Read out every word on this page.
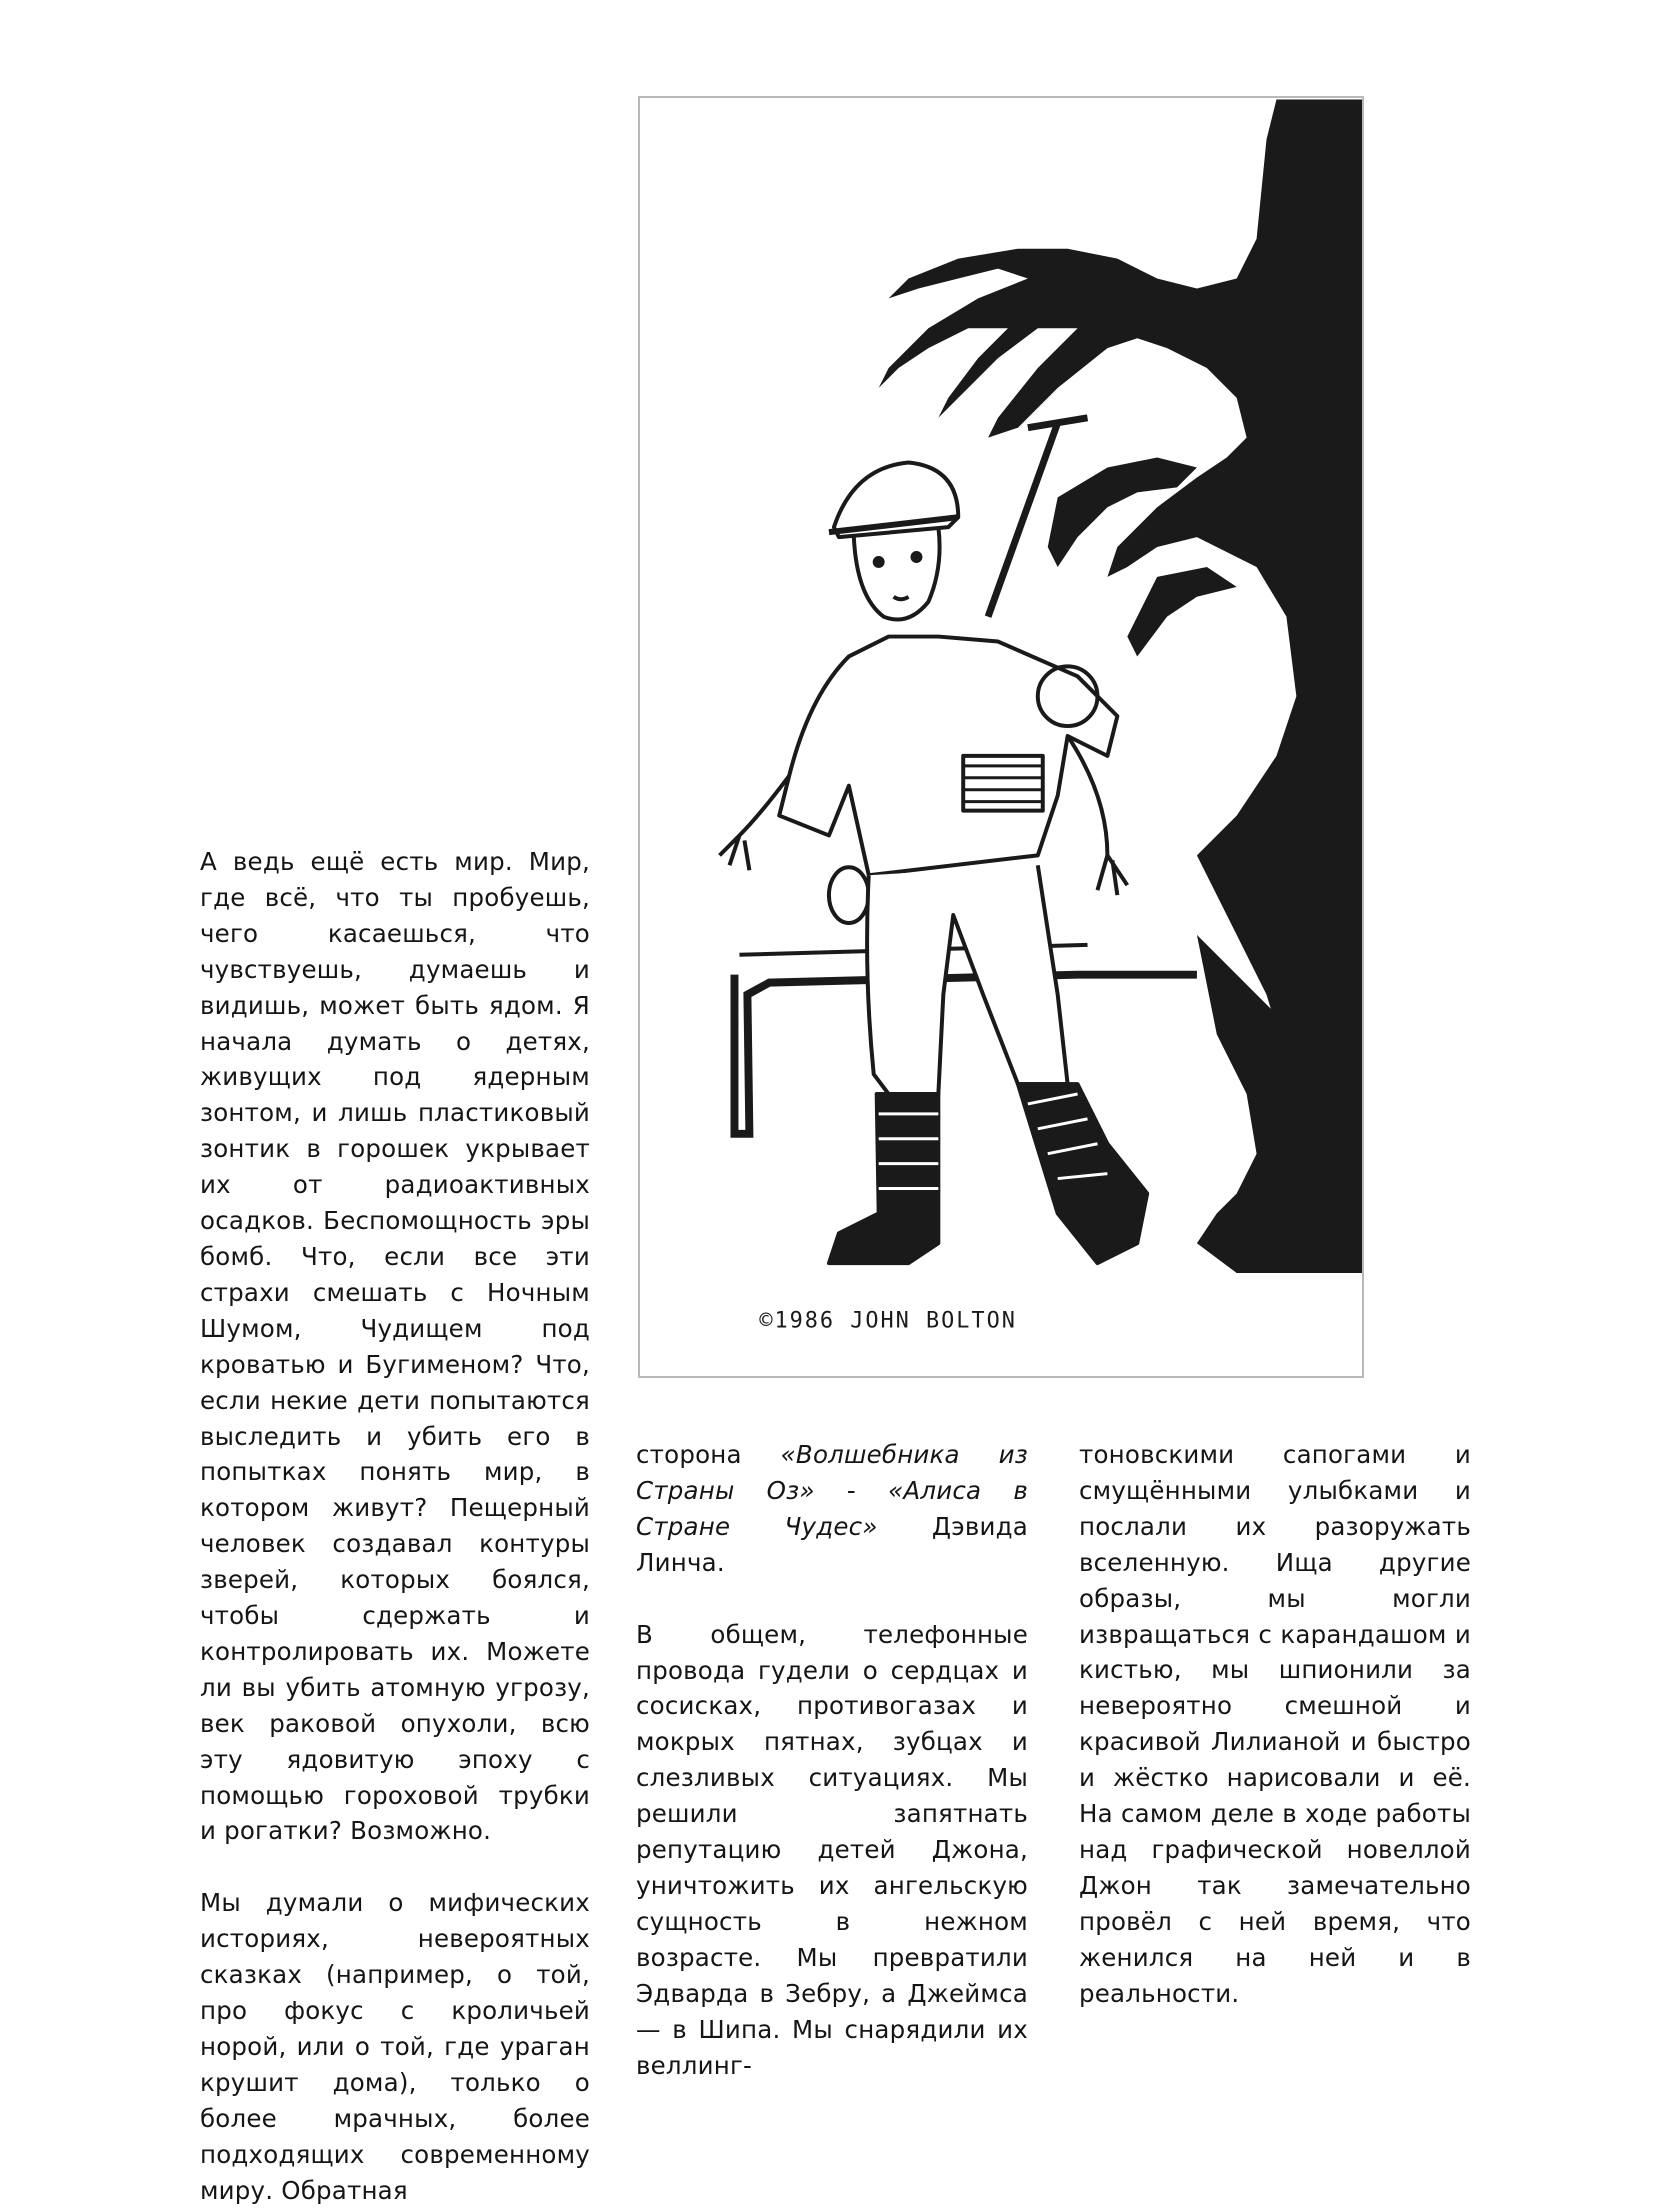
©1986 JOHN BOLTON

А ведь ещё есть мир. Мир, где всё, что ты пробуешь, чего касаешься, что чувствуешь, думаешь и видишь, может быть ядом. Я начала думать о детях, живущих под ядерным зонтом, и лишь пластиковый зонтик в горошек укрывает их от радиоактивных осадков. Беспомощность эры бомб. Что, если все эти страхи смешать с Ночным Шумом, Чудищем под кроватью и Бугименом? Что, если некие дети попытаются выследить и убить его в попытках понять мир, в котором живут? Пещерный человек создавал контуры зверей, которых боялся, чтобы сдержать и контролировать их. Можете ли вы убить атомную угрозу, век раковой опухоли, всю эту ядовитую эпоху с помощью гороховой трубки и рогатки? Возможно.

Мы думали о мифических историях, невероятных сказках (например, о той, про фокус с кроличьей норой, или о той, где ураган крушит дома), только о более мрачных, более подходящих современному миру. Обратная

сторона «Волшебника из Страны Оз» - «Алиса в Стране Чудес» Дэвида Линча.

В общем, телефонные провода гудели о сердцах и сосисках, противогазах и мокрых пятнах, зубцах и слезливых ситуациях. Мы решили запятнать репутацию детей Джона, уничтожить их ангельскую сущность в нежном возрасте. Мы превратили Эдварда в Зебру, а Джеймса — в Шипа. Мы снарядили их веллинг-

тоновскими сапогами и смущёнными улыбками и послали их разоружать вселенную. Ища другие образы, мы могли извращаться с карандашом и кистью, мы шпионили за невероятно смешной и красивой Лилианой и быстро и жёстко нарисовали и её. На самом деле в ходе работы над графической новеллой Джон так замечательно провёл с ней время, что женился на ней и в реальности.
